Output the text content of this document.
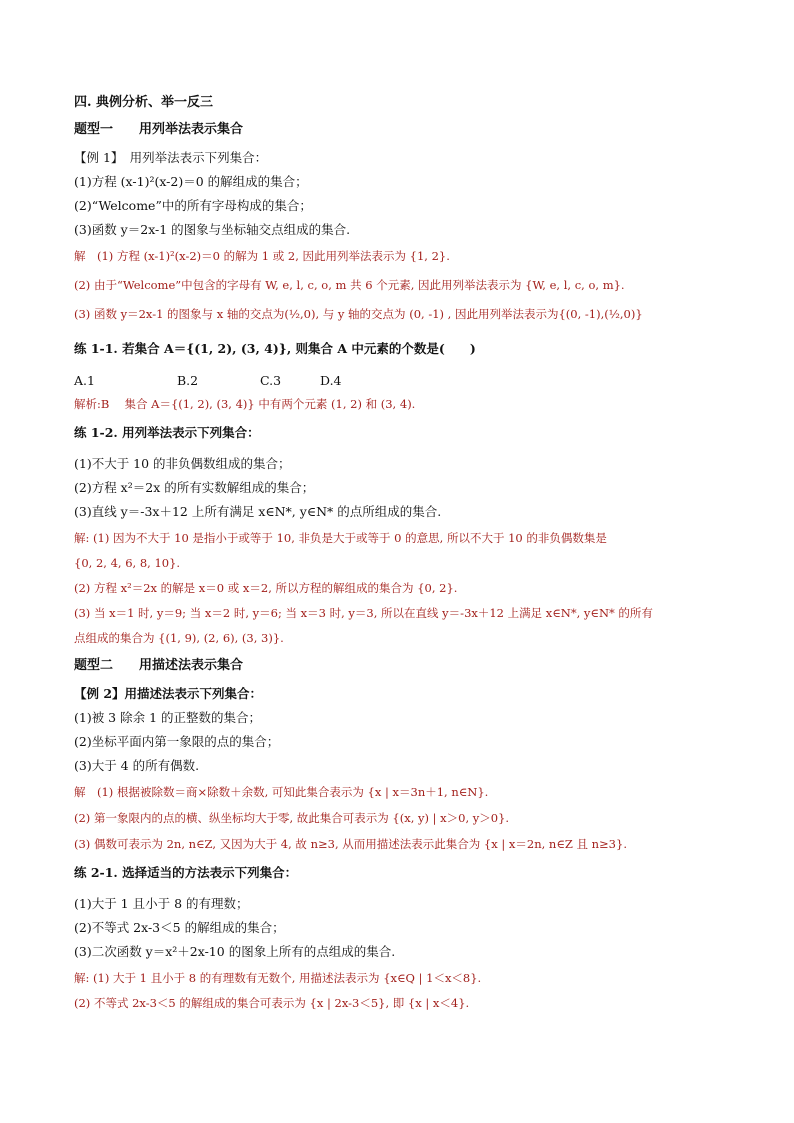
四. 典例分析、举一反三
题型一　　用列举法表示集合
【例 1】　用列举法表示下列集合：
(1)方程 (x-1)²(x-2)＝0 的解组成的集合；
(2)“Welcome”中的所有字母构成的集合；
(3)函数 y＝2x-1 的图象与坐标轴交点组成的集合.
解　(1) 方程 (x-1)²(x-2)＝0 的解为 1 或 2, 因此用列举法表示为 {1, 2}.
(2) 由于“Welcome”中包含的字母有 W, e, l, c, o, m 共 6 个元素, 因此用列举法表示为 {W, e, l, c, o, m}.
(3) 函数 y＝2x-1 的图象与 x 轴的交点为(½,0), 与 y 轴的交点为 (0, -1) , 因此用列举法表示为{(0, -1),(½,0)}
练 1-1. 若集合 A＝{(1, 2), (3, 4)}, 则集合 A 中元素的个数是(　　)
A.1	B.2	C.3	D.4
解析:B　 集合 A＝{(1, 2), (3, 4)} 中有两个元素 (1, 2) 和 (3, 4).
练 1-2. 用列举法表示下列集合：
(1)不大于 10 的非负偶数组成的集合；
(2)方程 x²＝2x 的所有实数解组成的集合；
(3)直线 y＝-3x＋12 上所有满足 x∈N*, y∈N* 的点所组成的集合.
解: (1) 因为不大于 10 是指小于或等于 10, 非负是大于或等于 0 的意思, 所以不大于 10 的非负偶数集是
{0, 2, 4, 6, 8, 10}.
(2) 方程 x²＝2x 的解是 x＝0 或 x＝2, 所以方程的解组成的集合为 {0, 2}.
(3) 当 x＝1 时, y＝9; 当 x＝2 时, y＝6; 当 x＝3 时, y＝3, 所以在直线 y＝-3x＋12 上满足 x∈N*, y∈N* 的所有
点组成的集合为 {(1, 9), (2, 6), (3, 3)}.
题型二　　用描述法表示集合
【例 2】用描述法表示下列集合：
(1)被 3 除余 1 的正整数的集合；
(2)坐标平面内第一象限的点的集合；
(3)大于 4 的所有偶数.
解　(1) 根据被除数＝商×除数＋余数, 可知此集合表示为 {x | x＝3n＋1, n∈N}.
(2) 第一象限内的点的横、纵坐标均大于零, 故此集合可表示为 {(x, y) | x＞0, y＞0}.
(3) 偶数可表示为 2n, n∈Z, 又因为大于 4, 故 n≥3, 从而用描述法表示此集合为 {x | x＝2n, n∈Z 且 n≥3}.
练 2-1. 选择适当的方法表示下列集合：
(1)大于 1 且小于 8 的有理数；
(2)不等式 2x-3＜5 的解组成的集合；
(3)二次函数 y＝x²＋2x-10 的图象上所有的点组成的集合.
解: (1) 大于 1 且小于 8 的有理数有无数个, 用描述法表示为 {x∈Q | 1＜x＜8}.
(2) 不等式 2x-3＜5 的解组成的集合可表示为 {x | 2x-3＜5}, 即 {x | x＜4}.
